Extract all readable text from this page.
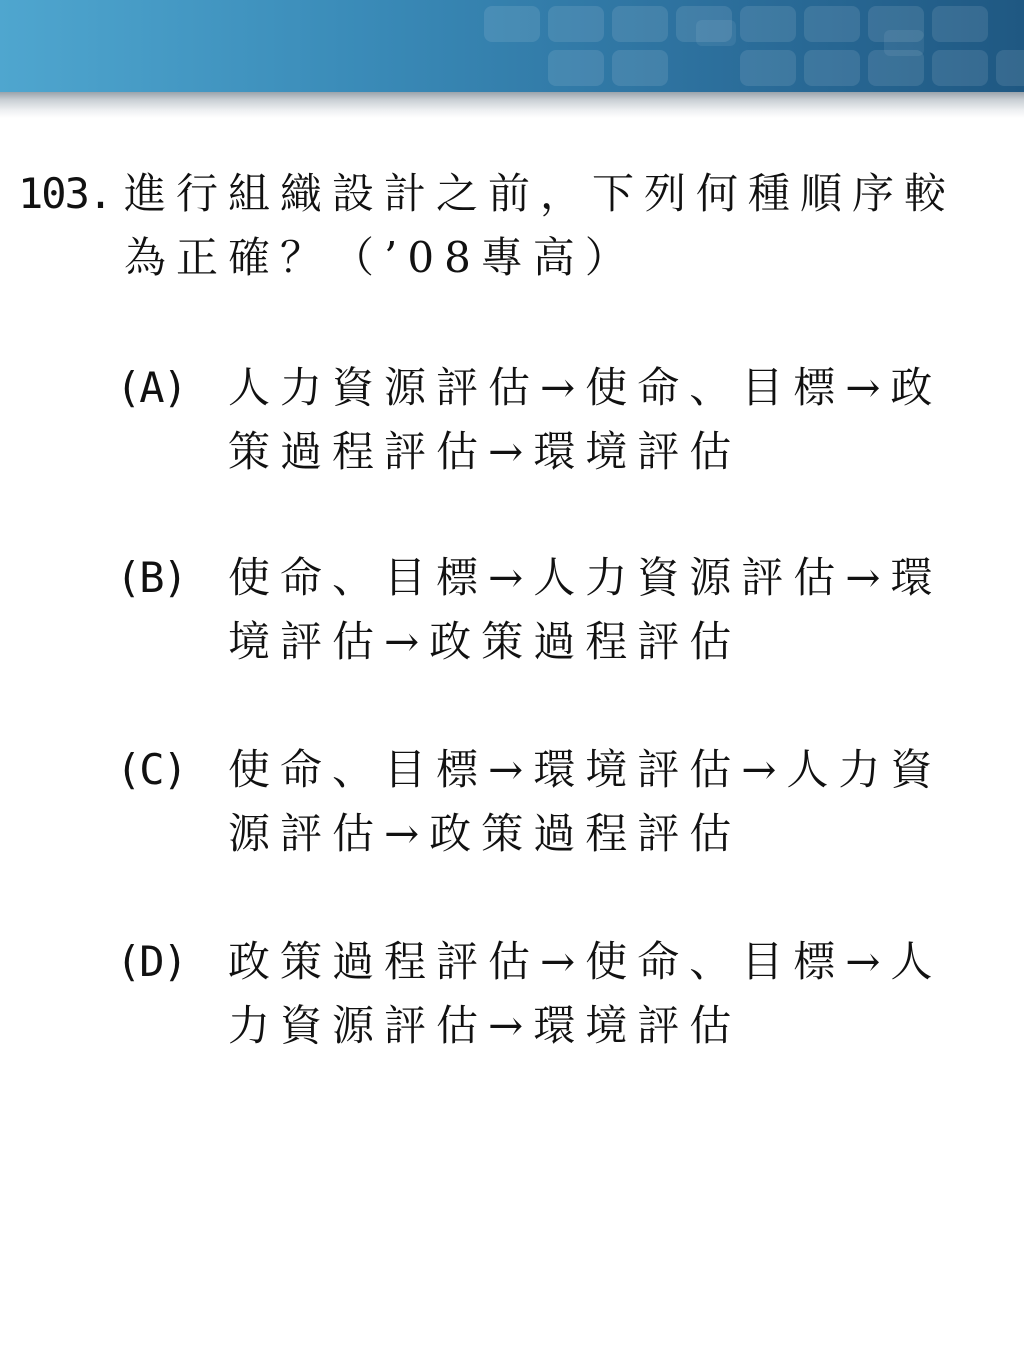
103. 進行組織設計之前，下列何種順序較
為正確？（’08專高）
(A) 人力資源評估→使命、目標→政
策過程評估→環境評估
(B) 使命、目標→人力資源評估→環
境評估→政策過程評估
(C) 使命、目標→環境評估→人力資
源評估→政策過程評估
(D) 政策過程評估→使命、目標→人
力資源評估→環境評估
